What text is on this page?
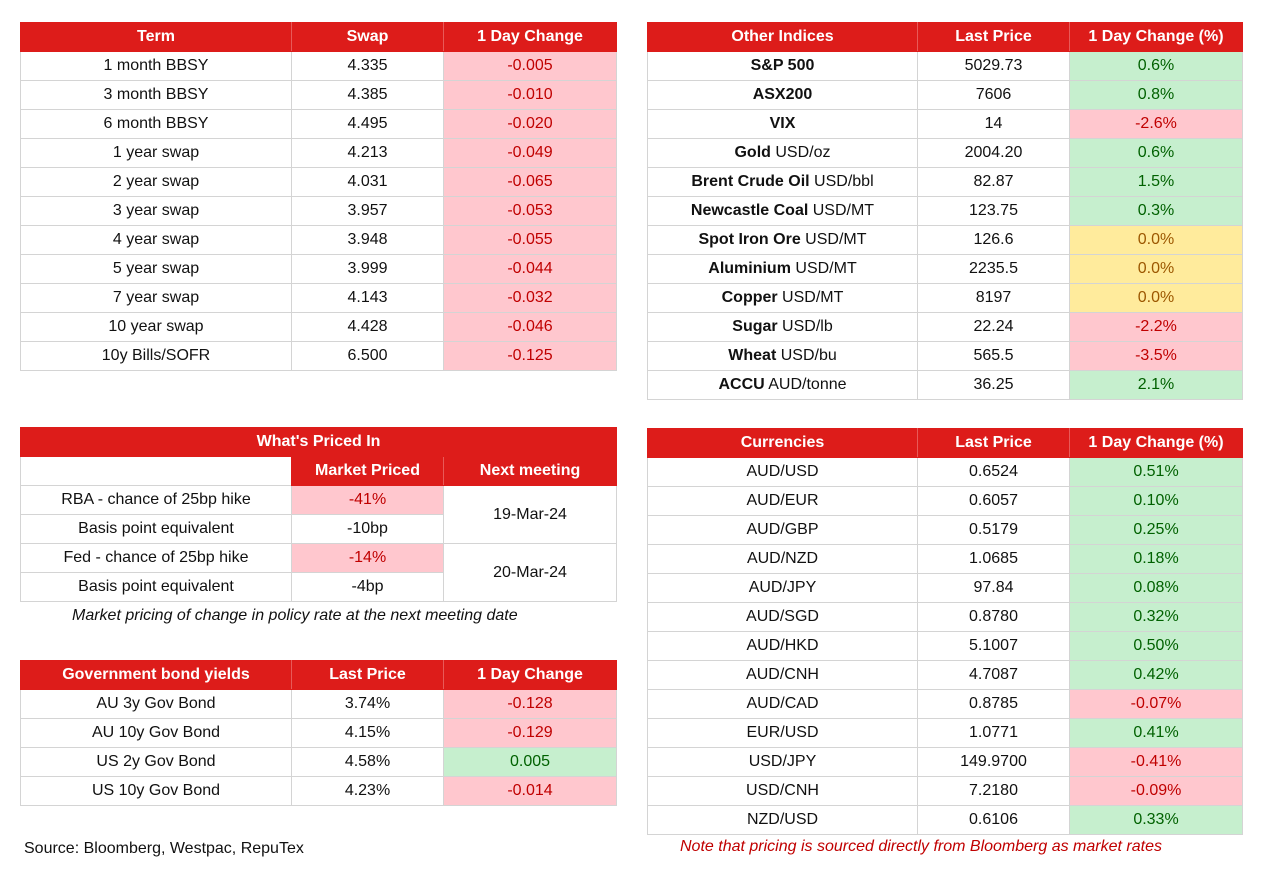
Term	Swap	1 Day Change
1 month BBSY	4.335	-0.005
3 month BBSY	4.385	-0.010
6 month BBSY	4.495	-0.020
1 year swap	4.213	-0.049
2 year swap	4.031	-0.065
3 year swap	3.957	-0.053
4 year swap	3.948	-0.055
5 year swap	3.999	-0.044
7 year swap	4.143	-0.032
10 year swap	4.428	-0.046
10y Bills/SOFR	6.500	-0.125
Other Indices	Last Price	1 Day Change (%)
S&P 500	5029.73	0.6%
ASX200	7606	0.8%
VIX	14	-2.6%
Gold USD/oz	2004.20	0.6%
Brent Crude Oil USD/bbl	82.87	1.5%
Newcastle Coal USD/MT	123.75	0.3%
Spot Iron Ore USD/MT	126.6	0.0%
Aluminium USD/MT	2235.5	0.0%
Copper USD/MT	8197	0.0%
Sugar USD/lb	22.24	-2.2%
Wheat USD/bu	565.5	-3.5%
ACCU AUD/tonne	36.25	2.1%
What's Priced In		
	Market Priced	Next meeting
RBA - chance of 25bp hike	-41%	19-Mar-24
Basis point equivalent	-10bp	
Fed - chance of 25bp hike	-14%	20-Mar-24
Basis point equivalent	-4bp	
Market pricing of change in policy rate at the next meeting date
Government bond yields	Last Price	1 Day Change
AU 3y Gov Bond	3.74%	-0.128
AU 10y Gov Bond	4.15%	-0.129
US 2y Gov Bond	4.58%	0.005
US 10y Gov Bond	4.23%	-0.014
Currencies	Last Price	1 Day Change (%)
AUD/USD	0.6524	0.51%
AUD/EUR	0.6057	0.10%
AUD/GBP	0.5179	0.25%
AUD/NZD	1.0685	0.18%
AUD/JPY	97.84	0.08%
AUD/SGD	0.8780	0.32%
AUD/HKD	5.1007	0.50%
AUD/CNH	4.7087	0.42%
AUD/CAD	0.8785	-0.07%
EUR/USD	1.0771	0.41%
USD/JPY	149.9700	-0.41%
USD/CNH	7.2180	-0.09%
NZD/USD	0.6106	0.33%
Source: Bloomberg, Westpac, RepuTex	Note that pricing is sourced directly from Bloomberg as market rates
